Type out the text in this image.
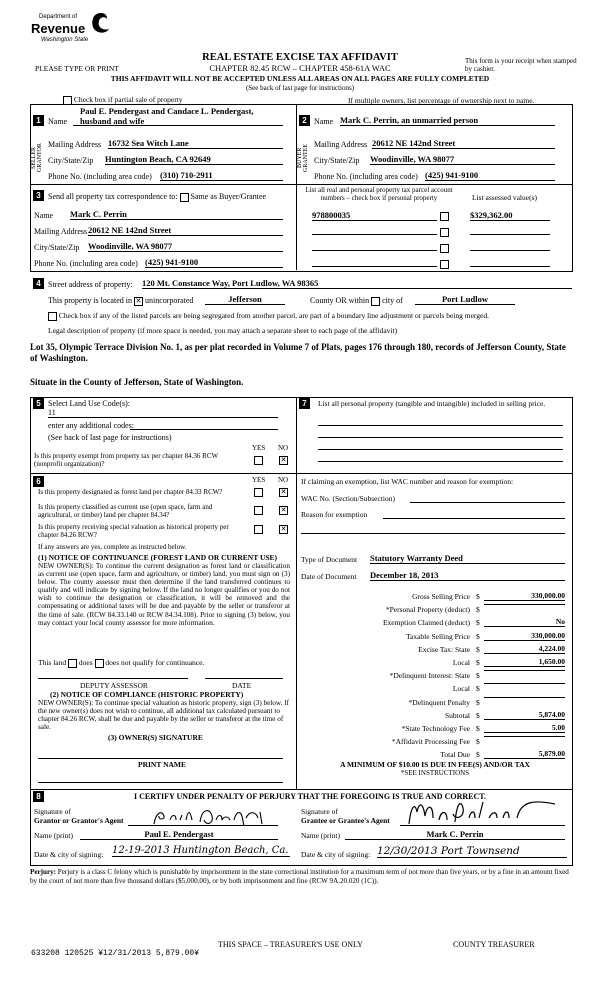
Department of
Revenue
Washington State
REAL ESTATE EXCISE TAX AFFIDAVIT
PLEASE TYPE OR PRINT	CHAPTER 82.45 RCW – CHAPTER 458-61A WAC
This form is your receipt when stamped by cashier.
THIS AFFIDAVIT WILL NOT BE ACCEPTED UNLESS ALL AREAS ON ALL PAGES ARE FULLY COMPLETED
(See back of last page for instructions)
Check box if partial sale of property	If multiple owners, list percentage of ownership next to name.
1
SELLER GRANTOR
Name
Paul E. Pendergast and Candace L. Pendergast, husband and wife
Mailing Address 16732 Sea Witch Lane
City/State/Zip Huntington Beach, CA 92649
Phone No. (including area code) (310) 710-2911
2
BUYER GRANTEE
Name Mark C. Perrin, an unmarried person
Mailing Address 20612 NE 142nd Street
City/State/Zip Woodinville, WA 98077
Phone No. (including area code) (425) 941-9100
3 Send all property tax correspondence to: Same as Buyer/Grantee
Name Mark C. Perrin
Mailing Address 20612 NE 142nd Street
City/State/Zip Woodinville, WA 98077
Phone No. (including area code) (425) 941-9100
List all real and personal property tax parcel account numbers – check box if personal property	List assessed value(s)
978800035	$329,362.00
4 Street address of property: 120 Mt. Constance Way, Port Ludlow, WA 98365
This property is located in ✕ unincorporated	Jefferson	County OR within city of	Port Ludlow
Check box if any of the listed parcels are being segregated from another parcel, are part of a boundary line adjustment or parcels being merged.
Legal description of property (if more space is needed, you may attach a separate sheet to each page of the affidavit)
Lot 35, Olympic Terrace Division No. 1, as per plat recorded in Volume 7 of Plats, pages 176 through 180, records of Jefferson County, State of Washington.
Situate in the County of Jefferson, State of Washington.
5 Select Land Use Code(s):
11
enter any additional codes:
(See back of last page for instructions)
YES NO
Is this property exempt from property tax per chapter 84.36 RCW (nonprofit organization)?	✕
6	YES NO
Is this property designated as forest land per chapter 84.33 RCW?	✕
Is this property classified as current use (open space, farm and agricultural, or timber) land per chapter 84.34?
✕
Is this property receiving special valuation as historical property per chapter 84.26 RCW?
✕
If any answers are yes, complete as instructed below.
(1) NOTICE OF CONTINUANCE (FOREST LAND OR CURRENT USE)
NEW OWNER(S): To continue the current designation as forest land or classification as current use (open space, farm and agriculture, or timber) land, you must sign on (3) below. The county assessor must then determine if the land transferred continues to qualify and will indicate by signing below. If the land no longer qualifies or you do not wish to continue the designation or classification, it will be removed and the compensating or additional taxes will be due and payable by the seller or transferor at the time of sale. (RCW 84.33.140 or RCW 84.34.108). Prior to signing (3) below, you may contact your local county assessor for more information.
This land does does not qualify for continuance.
DEPUTY ASSESSOR	DATE
(2) NOTICE OF COMPLIANCE (HISTORIC PROPERTY)
NEW OWNER(S): To continue special valuation as historic property, sign (3) below. If the new owner(s) does not wish to continue, all additional tax calculated pursuant to chapter 84.26 RCW, shall be due and payable by the seller or transferor at the time of sale.
(3) OWNER(S) SIGNATURE
PRINT NAME
7	List all personal property (tangible and intangible) included in selling price.
If claiming an exemption, list WAC number and reason for exemption:
WAC No. (Section/Subsection)
Reason for exemption
Type of Document Statutory Warranty Deed
Date of Document December 18, 2013
Gross Selling Price $	330,000.00
*Personal Property (deduct) $
Exemption Claimed (deduct) $	No
Taxable Selling Price $	330,000.00
Excise Tax: State $	4,224.00
Local $	1,650.00
*Delinquent Interest: State $
Local $
*Delinquent Penalty $
Subtotal $	5,874.00
*State Technology Fee $	5.00
*Affidavit Processing Fee $
Total Due $	5,879.00
A MINIMUM OF $10.00 IS DUE IN FEE(S) AND/OR TAX
*SEE INSTRUCTIONS
8	I CERTIFY UNDER PENALTY OF PERJURY THAT THE FOREGOING IS TRUE AND CORRECT.
Signature of
Grantor or Grantor's Agent
Signature of
Grantee or Grantee's Agent
Name (print)	Paul E. Pendergast	Name (print)	Mark C. Perrin
Date & city of signing: 12-19-2013 Huntington Beach, Ca. Date & city of signing: 12/30/2013 Port Townsend
Perjury: Perjury is a class C felony which is punishable by imprisonment in the state correctional institution for a maximum term of not more than five years, or by a fine in an amount fixed by the court of not more than five thousand dollars ($5,000.00), or by both imprisonment and fine (RCW 9A.20.020 (1C)).
633208 120525 ¥12/31/2013 5,879.00¥
THIS SPACE – TREASURER'S USE ONLY	COUNTY TREASURER
